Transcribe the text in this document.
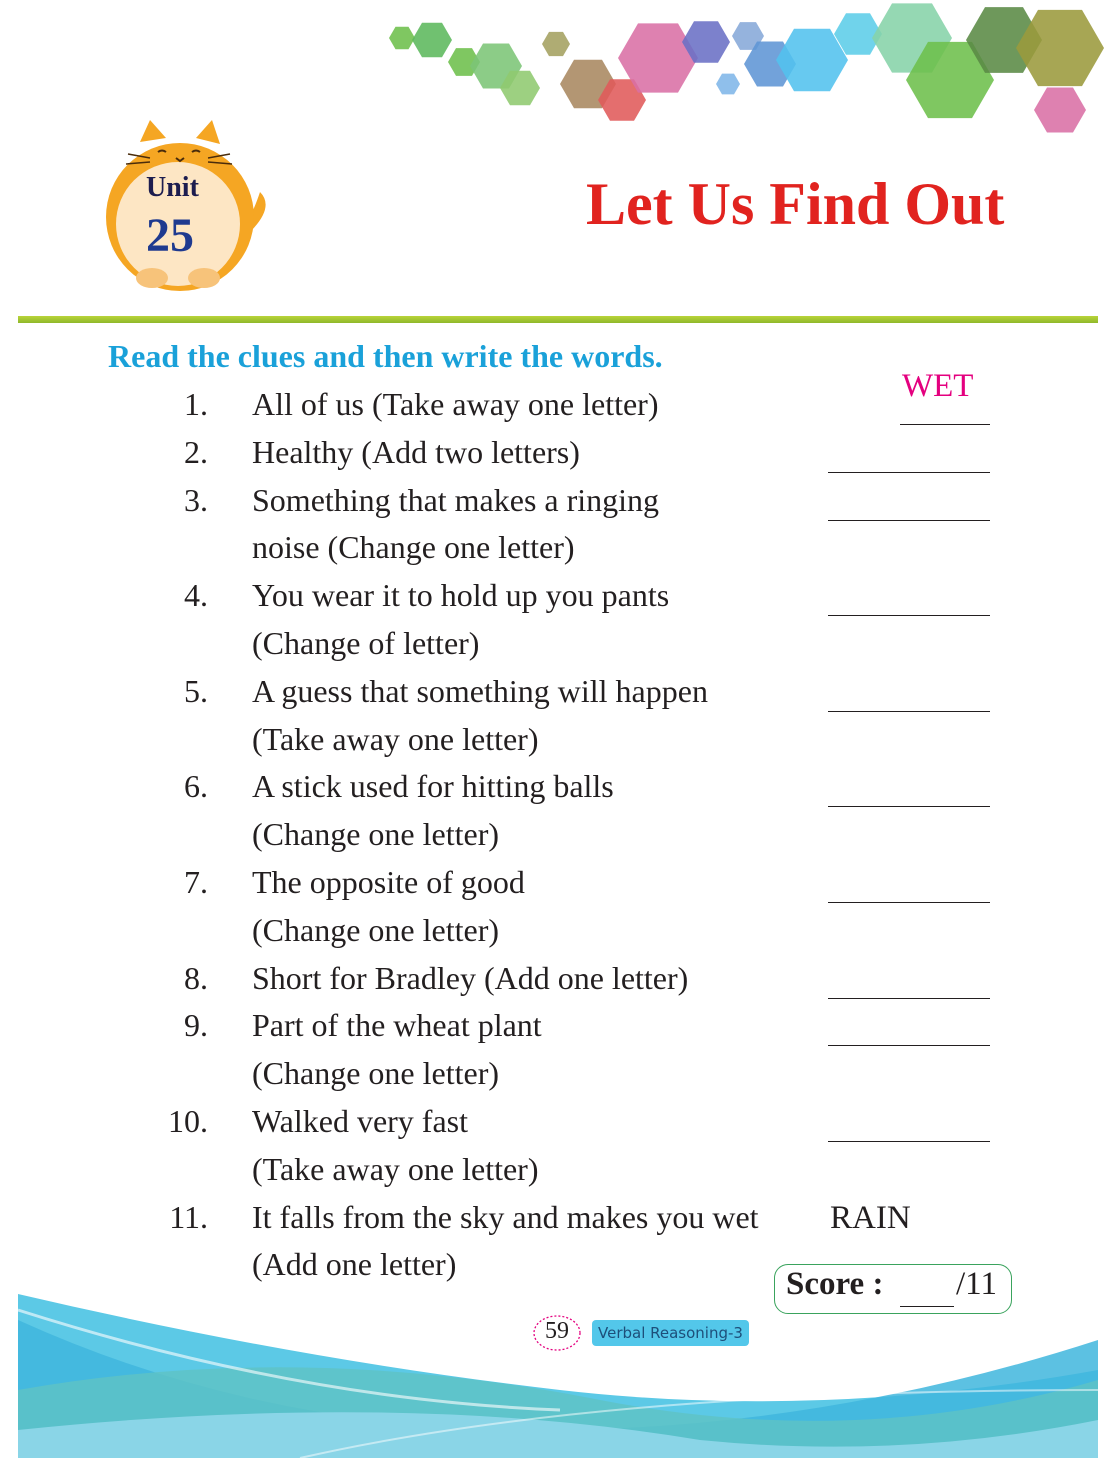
Unit
25	Let Us Find Out
Read the clues and then write the words.
WET
RAIN
1. All of us (Take away one letter)
2. Healthy (Add two letters)
3. Something that makes a ringing
noise (Change one letter)
4. You wear it to hold up you pants
(Change of letter)
5. A guess that something will happen
(Take away one letter)
6. A stick used for hitting balls
(Change one letter)
7. The opposite of good
(Change one letter)
8. Short for Bradley (Add one letter)
9. Part of the wheat plant
(Change one letter)
10. Walked very fast
(Take away one letter)
11. It falls from the sky and makes you wet
(Add one letter)
Score : /11
59	Verbal Reasoning-3
